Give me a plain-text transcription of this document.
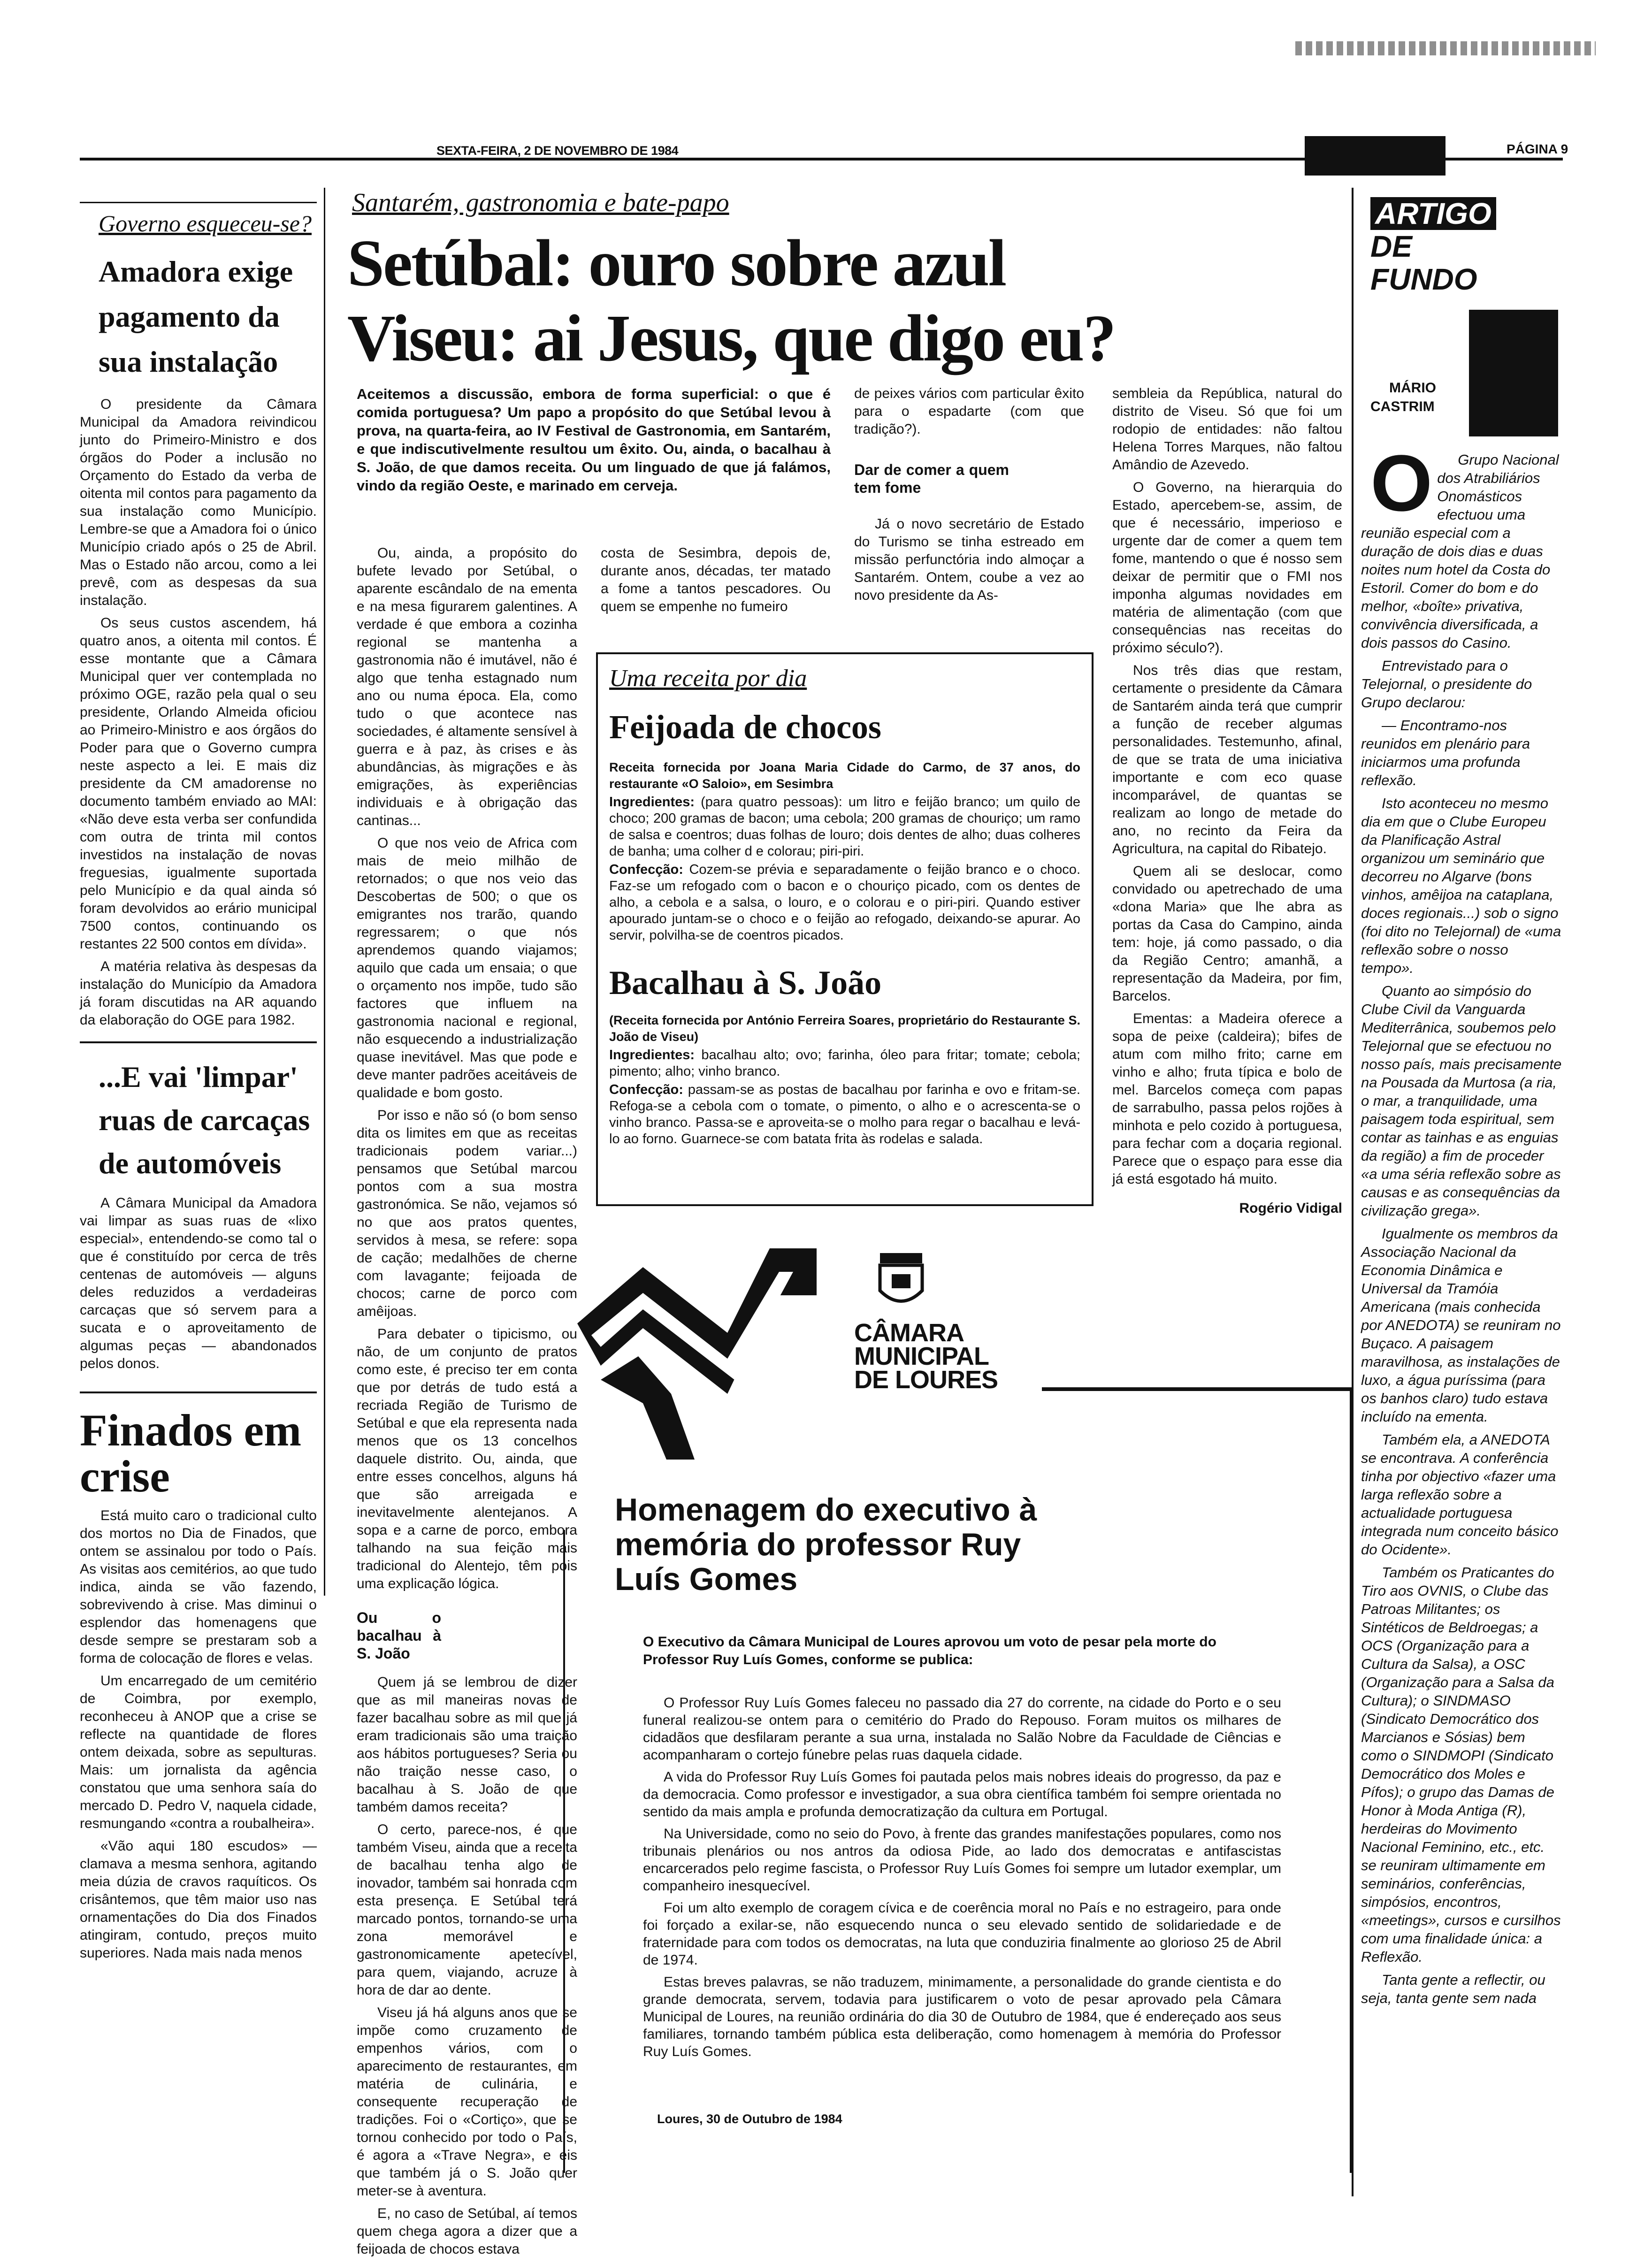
SEXTA-FEIRA, 2 DE NOVEMBRO DE 1984	PÁGINA 9
Governo esqueceu-se?
Amadora exige pagamento da sua instalação

O presidente da Câmara Municipal da Amadora reivindicou junto do Primeiro-Ministro e dos órgãos do Poder a inclusão no Orçamento do Estado da verba de oitenta mil contos para pagamento da sua instalação como Município. Lembre-se que a Amadora foi o único Município criado após o 25 de Abril. Mas o Estado não arcou, como a lei prevê, com as despesas da sua instalação.

Os seus custos ascendem, há quatro anos, a oitenta mil contos. É esse montante que a Câmara Municipal quer ver contemplada no próximo OGE, razão pela qual o seu presidente, Orlando Almeida oficiou ao Primeiro-Ministro e aos órgãos do Poder para que o Governo cumpra neste aspecto a lei. E mais diz presidente da CM amadorense no documento também enviado ao MAI: «Não deve esta verba ser confundida com outra de trinta mil contos investidos na instalação de novas freguesias, igualmente suportada pelo Município e da qual ainda só foram devolvidos ao erário municipal 7500 contos, continuando os restantes 22 500 contos em dívida».

A matéria relativa às despesas da instalação do Município da Amadora já foram discutidas na AR aquando da elaboração do OGE para 1982.

...E vai 'limpar' ruas de carcaças de automóveis

A Câmara Municipal da Amadora vai limpar as suas ruas de «lixo especial», entendendo-se como tal o que é constituído por cerca de três centenas de automóveis — alguns deles reduzidos a verdadeiras carcaças que só servem para a sucata e o aproveitamento de algumas peças — abandonados pelos donos.

Finados em crise

Está muito caro o tradicional culto dos mortos no Dia de Finados, que ontem se assinalou por todo o País. As visitas aos cemitérios, ao que tudo indica, ainda se vão fazendo, sobrevivendo à crise. Mas diminui o esplendor das homenagens que desde sempre se prestaram sob a forma de colocação de flores e velas.

Um encarregado de um cemitério de Coimbra, por exemplo, reconheceu à ANOP que a crise se reflecte na quantidade de flores ontem deixada, sobre as sepulturas. Mais: um jornalista da agência constatou que uma senhora saía do mercado D. Pedro V, naquela cidade, resmungando «contra a roubalheira».

«Vão aqui 180 escudos» — clamava a mesma senhora, agitando meia dúzia de cravos raquíticos. Os crisântemos, que têm maior uso nas ornamentações do Dia dos Finados atingiram, contudo, preços muito superiores. Nada mais nada menos

Santarém, gastronomia e bate-papo
Setúbal: ouro sobre azul
Viseu: ai Jesus, que digo eu?

Aceitemos a discussão, embora de forma superficial: o que é comida portuguesa? Um papo a propósito do que Setúbal levou à prova, na quarta-feira, ao IV Festival de Gastronomia, em Santarém, e que indiscutivelmente resultou um êxito. Ou, ainda, o bacalhau à S. João, de que damos receita. Ou um linguado de que já falámos, vindo da região Oeste, e marinado em cerveja.

Ou, ainda, a propósito do bufete levado por Setúbal, o aparente escândalo de na ementa e na mesa figurarem galentines. A verdade é que embora a cozinha regional se mantenha a gastronomia não é imutável, não é algo que tenha estagnado num ano ou numa época. Ela, como tudo o que acontece nas sociedades, é altamente sensível à guerra e à paz, às crises e às abundâncias, às migrações e às emigrações, às experiências individuais e à obrigação das cantinas...

O que nos veio de Africa com mais de meio milhão de retornados; o que nos veio das Descobertas de 500; o que os emigrantes nos trarão, quando regressarem; o que nós aprendemos quando viajamos; aquilo que cada um ensaia; o que o orçamento nos impõe, tudo são factores que influem na gastronomia nacional e regional, não esquecendo a industrialização quase inevitável. Mas que pode e deve manter padrões aceitáveis de qualidade e bom gosto.

Por isso e não só (o bom senso dita os limites em que as receitas tradicionais podem variar...) pensamos que Setúbal marcou pontos com a sua mostra gastronómica. Se não, vejamos só no que aos pratos quentes, servidos à mesa, se refere: sopa de cação; medalhões de cherne com lavagante; feijoada de chocos; carne de porco com amêijoas.

Para debater o tipicismo, ou não, de um conjunto de pratos como este, é preciso ter em conta que por detrás de tudo está a recriada Região de Turismo de Setúbal e que ela representa nada menos que os 13 concelhos daquele distrito. Ou, ainda, que entre esses concelhos, alguns há que são arreigada e inevitavelmente alentejanos. A sopa e a carne de porco, embora talhando na sua feição mais tradicional do Alentejo, têm pois uma explicação lógica.

Ou o bacalhau à S. João

Quem já se lembrou de dizer que as mil maneiras novas de fazer bacalhau sobre as mil que já eram tradicionais são uma traição aos hábitos portugueses? Seria ou não traição nesse caso, o bacalhau à S. João de que também damos receita?

O certo, parece-nos, é que também Viseu, ainda que a receita de bacalhau tenha algo de inovador, também sai honrada com esta presença. E Setúbal terá marcado pontos, tornando-se uma zona memorável e gastronomicamente apetecível, para quem, viajando, acruze à hora de dar ao dente.

Viseu já há alguns anos que se impõe como cruzamento de empenhos vários, com o aparecimento de restaurantes, em matéria de culinária, e consequente recuperação de tradições. Foi o «Cortiço», que se tornou conhecido por todo o País, é agora a «Trave Negra», e eis que também já o S. João quer meter-se à aventura.

E, no caso de Setúbal, aí temos quem chega agora a dizer que a feijoada de chocos estava

costa de Sesimbra, depois de, durante anos, décadas, ter matado a fome a tantos pescadores. Ou quem se empenhe no fumeiro

de peixes vários com particular êxito para o espadarte (com que tradição?).

Dar de comer a quem tem fome

Já o novo secretário de Estado do Turismo se tinha estreado em missão perfunctória indo almoçar a Santarém. Ontem, coube a vez ao novo presidente da As-

sembleia da República, natural do distrito de Viseu. Só que foi um rodopio de entidades: não faltou Helena Torres Marques, não faltou Amândio de Azevedo.

O Governo, na hierarquia do Estado, apercebem-se, assim, de que é necessário, imperioso e urgente dar de comer a quem tem fome, mantendo o que é nosso sem deixar de permitir que o FMI nos imponha algumas novidades em matéria de alimentação (com que consequências nas receitas do próximo século?).

Nos três dias que restam, certamente o presidente da Câmara de Santarém ainda terá que cumprir a função de receber algumas personalidades. Testemunho, afinal, de que se trata de uma iniciativa importante e com eco quase incomparável, de quantas se realizam ao longo de metade do ano, no recinto da Feira da Agricultura, na capital do Ribatejo.

Quem ali se deslocar, como convidado ou apetrechado de uma «dona Maria» que lhe abra as portas da Casa do Campino, ainda tem: hoje, já como passado, o dia da Região Centro; amanhã, a representação da Madeira, por fim, Barcelos.

Ementas: a Madeira oferece a sopa de peixe (caldeira); bifes de atum com milho frito; carne em vinho e alho; fruta típica e bolo de mel. Barcelos começa com papas de sarrabulho, passa pelos rojões à minhota e pelo cozido à portuguesa, para fechar com a doçaria regional. Parece que o espaço para esse dia já está esgotado há muito.

Rogério Vidigal
Uma receita por dia
Feijoada de chocos

Receita fornecida por Joana Maria Cidade do Carmo, de 37 anos, do restaurante «O Saloio», em Sesimbra

Ingredientes: (para quatro pessoas): um litro e feijão branco; um quilo de choco; 200 gramas de bacon; uma cebola; 200 gramas de chouriço; um ramo de salsa e coentros; duas folhas de louro; dois dentes de alho; duas colheres de banha; uma colher d e colorau; piri-piri.

Confecção: Cozem-se prévia e separadamente o feijão branco e o choco. Faz-se um refogado com o bacon e o chouriço picado, com os dentes de alho, a cebola e a salsa, o louro, e o colorau e o piri-piri. Quando estiver apourado juntam-se o choco e o feijão ao refogado, deixando-se apurar. Ao servir, polvilha-se de coentros picados.

Bacalhau à S. João

(Receita fornecida por António Ferreira Soares, proprietário do Restaurante S. João de Viseu)

Ingredientes: bacalhau alto; ovo; farinha, óleo para fritar; tomate; cebola; pimento; alho; vinho branco.

Confecção: passam-se as postas de bacalhau por farinha e ovo e fritam-se. Refoga-se a cebola com o tomate, o pimento, o alho e o acrescenta-se o vinho branco. Passa-se e aproveita-se o molho para regar o bacalhau e levá-lo ao forno. Guarnece-se com batata frita às rodelas e salada.

CÂMARA
MUNICIPAL
DE LOURES
Homenagem do executivo à memória do professor Ruy Luís Gomes
O Executivo da Câmara Municipal de Loures aprovou um voto de pesar pela morte do Professor Ruy Luís Gomes, conforme se publica:

O Professor Ruy Luís Gomes faleceu no passado dia 27 do corrente, na cidade do Porto e o seu funeral realizou-se ontem para o cemitério do Prado do Repouso. Foram muitos os milhares de cidadãos que desfilaram perante a sua urna, instalada no Salão Nobre da Faculdade de Ciências e acompanharam o cortejo fúnebre pelas ruas daquela cidade.

A vida do Professor Ruy Luís Gomes foi pautada pelos mais nobres ideais do progresso, da paz e da democracia. Como professor e investigador, a sua obra científica também foi sempre orientada no sentido da mais ampla e profunda democratização da cultura em Portugal.

Na Universidade, como no seio do Povo, à frente das grandes manifestações populares, como nos tribunais plenários ou nos antros da odiosa Pide, ao lado dos democratas e antifascistas encarcerados pelo regime fascista, o Professor Ruy Luís Gomes foi sempre um lutador exemplar, um companheiro inesquecível.

Foi um alto exemplo de coragem cívica e de coerência moral no País e no estrageiro, para onde foi forçado a exilar-se, não esquecendo nunca o seu elevado sentido de solidariedade e de fraternidade para com todos os democratas, na luta que conduziria finalmente ao glorioso 25 de Abril de 1974.

Estas breves palavras, se não traduzem, minimamente, a personalidade do grande cientista e do grande democrata, servem, todavia para justificarem o voto de pesar aprovado pela Câmara Municipal de Loures, na reunião ordinária do dia 30 de Outubro de 1984, que é endereçado aos seus familiares, tornando também pública esta deliberação, como homenagem à memória do Professor Ruy Luís Gomes.

Loures, 30 de Outubro de 1984
ARTIGO
DE
FUNDO
MÁRIO
CASTRIM
O	Grupo Nacional dos Atrabiliários Onomásticos efectuou uma reunião especial com a duração de dois dias e duas noites num hotel da Costa do Estoril. Comer do bom e do melhor, «boîte» privativa, convivência diversificada, a dois passos do Casino.

Entrevistado para o Telejornal, o presidente do Grupo declarou:

— Encontramo-nos reunidos em plenário para iniciarmos uma profunda reflexão.

Isto aconteceu no mesmo dia em que o Clube Europeu da Planificação Astral organizou um seminário que decorreu no Algarve (bons vinhos, amêijoa na cataplana, doces regionais...) sob o signo (foi dito no Telejornal) de «uma reflexão sobre o nosso tempo».

Quanto ao simpósio do Clube Civil da Vanguarda Mediterrânica, soubemos pelo Telejornal que se efectuou no nosso país, mais precisamente na Pousada da Murtosa (a ria, o mar, a tranquilidade, uma paisagem toda espiritual, sem contar as tainhas e as enguias da região) a fim de proceder «a uma séria reflexão sobre as causas e as consequências da civilização grega».

Igualmente os membros da Associação Nacional da Economia Dinâmica e Universal da Tramóia Americana (mais conhecida por ANEDOTA) se reuniram no Buçaco. A paisagem maravilhosa, as instalações de luxo, a água puríssima (para os banhos claro) tudo estava incluído na ementa.

Também ela, a ANEDOTA se encontrava. A conferência tinha por objectivo «fazer uma larga reflexão sobre a actualidade portuguesa integrada num conceito básico do Ocidente».

Também os Praticantes do Tiro aos OVNIS, o Clube das Patroas Militantes; os Sintéticos de Beldroegas; a OCS (Organização para a Cultura da Salsa), a OSC (Organização para a Salsa da Cultura); o SINDMASO (Sindicato Democrático dos Marcianos e Sósias) bem como o SINDMOPI (Sindicato Democrático dos Moles e Pífos); o grupo das Damas de Honor à Moda Antiga (R), herdeiras do Movimento Nacional Feminino, etc., etc. se reuniram ultimamente em seminários, conferências, simpósios, encontros, «meetings», cursos e cursilhos com uma finalidade única: a Reflexão.

Tanta gente a reflectir, ou seja, tanta gente sem nada
